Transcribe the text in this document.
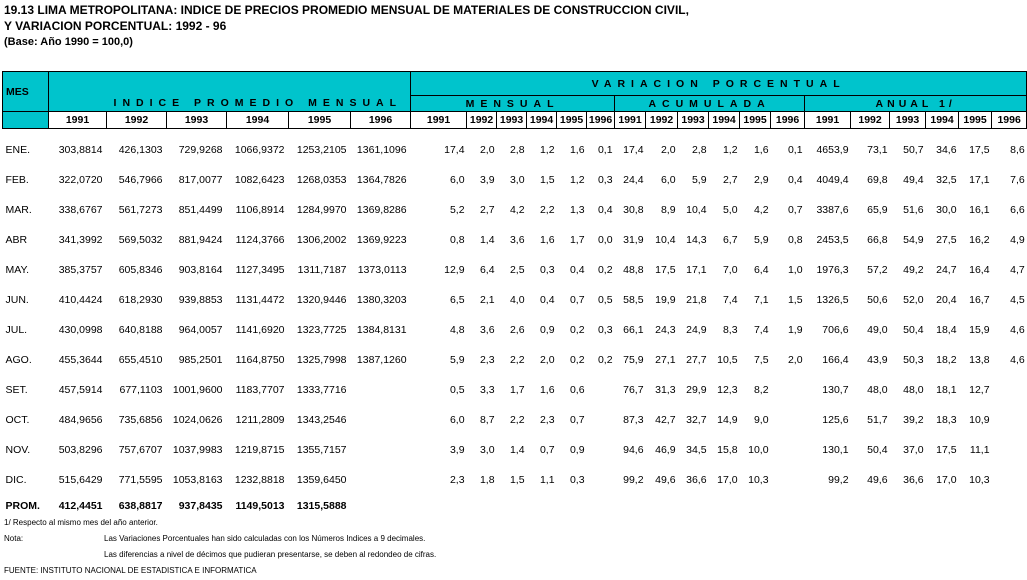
19.13 LIMA METROPOLITANA: INDICE DE PRECIOS PROMEDIO MENSUAL DE MATERIALES DE CONSTRUCCION CIVIL,
Y VARIACION PORCENTUAL: 1992 - 96
(Base: Año 1990 = 100,0)
MES							VARIACION PORCENTUAL																	
	INDICE PROMEDIO MENSUAL						MENSUAL						ACUMULADA						ANUAL 1/					
	1991	1992	1993	1994	1995	1996	1991	1992	1993	1994	1995	1996	1991	1992	1993	1994	1995	1996	1991	1992	1993	1994	1995	1996

ENE.	303,8814	426,1303	729,9268	1066,9372	1253,2105	1361,1096	17,4	2,0	2,8	1,2	1,6	0,1	17,4	2,0	2,8	1,2	1,6	0,1	4653,9	73,1	50,7	34,6	17,5	8,6
FEB.	322,0720	546,7966	817,0077	1082,6423	1268,0353	1364,7826	6,0	3,9	3,0	1,5	1,2	0,3	24,4	6,0	5,9	2,7	2,9	0,4	4049,4	69,8	49,4	32,5	17,1	7,6
MAR.	338,6767	561,7273	851,4499	1106,8914	1284,9970	1369,8286	5,2	2,7	4,2	2,2	1,3	0,4	30,8	8,9	10,4	5,0	4,2	0,7	3387,6	65,9	51,6	30,0	16,1	6,6
ABR	341,3992	569,5032	881,9424	1124,3766	1306,2002	1369,9223	0,8	1,4	3,6	1,6	1,7	0,0	31,9	10,4	14,3	6,7	5,9	0,8	2453,5	66,8	54,9	27,5	16,2	4,9
MAY.	385,3757	605,8346	903,8164	1127,3495	1311,7187	1373,0113	12,9	6,4	2,5	0,3	0,4	0,2	48,8	17,5	17,1	7,0	6,4	1,0	1976,3	57,2	49,2	24,7	16,4	4,7
JUN.	410,4424	618,2930	939,8853	1131,4472	1320,9446	1380,3203	6,5	2,1	4,0	0,4	0,7	0,5	58,5	19,9	21,8	7,4	7,1	1,5	1326,5	50,6	52,0	20,4	16,7	4,5
JUL.	430,0998	640,8188	964,0057	1141,6920	1323,7725	1384,8131	4,8	3,6	2,6	0,9	0,2	0,3	66,1	24,3	24,9	8,3	7,4	1,9	706,6	49,0	50,4	18,4	15,9	4,6
AGO.	455,3644	655,4510	985,2501	1164,8750	1325,7998	1387,1260	5,9	2,3	2,2	2,0	0,2	0,2	75,9	27,1	27,7	10,5	7,5	2,0	166,4	43,9	50,3	18,2	13,8	4,6
SET.	457,5914	677,1103	1001,9600	1183,7707	1333,7716		0,5	3,3	1,7	1,6	0,6		76,7	31,3	29,9	12,3	8,2		130,7	48,0	48,0	18,1	12,7	
OCT.	484,9656	735,6856	1024,0626	1211,2809	1343,2546		6,0	8,7	2,2	2,3	0,7		87,3	42,7	32,7	14,9	9,0		125,6	51,7	39,2	18,3	10,9	
NOV.	503,8296	757,6707	1037,9983	1219,8715	1355,7157		3,9	3,0	1,4	0,7	0,9		94,6	46,9	34,5	15,8	10,0		130,1	50,4	37,0	17,5	11,1	
DIC.	515,6429	771,5595	1053,8163	1232,8818	1359,6450		2,3	1,8	1,5	1,1	0,3		99,2	49,6	36,6	17,0	10,3		99,2	49,6	36,6	17,0	10,3	
PROM.	412,4451	638,8817	937,8435	1149,5013	1315,5888																			
1/ Respecto al mismo mes del año anterior.
Nota:	Las Variaciones Porcentuales han sido calculadas con los Números Indices a 9 decimales.
Las diferencias a nivel de décimos que pudieran presentarse, se deben al redondeo de cifras.
FUENTE: INSTITUTO NACIONAL DE ESTADISTICA E INFORMATICA
